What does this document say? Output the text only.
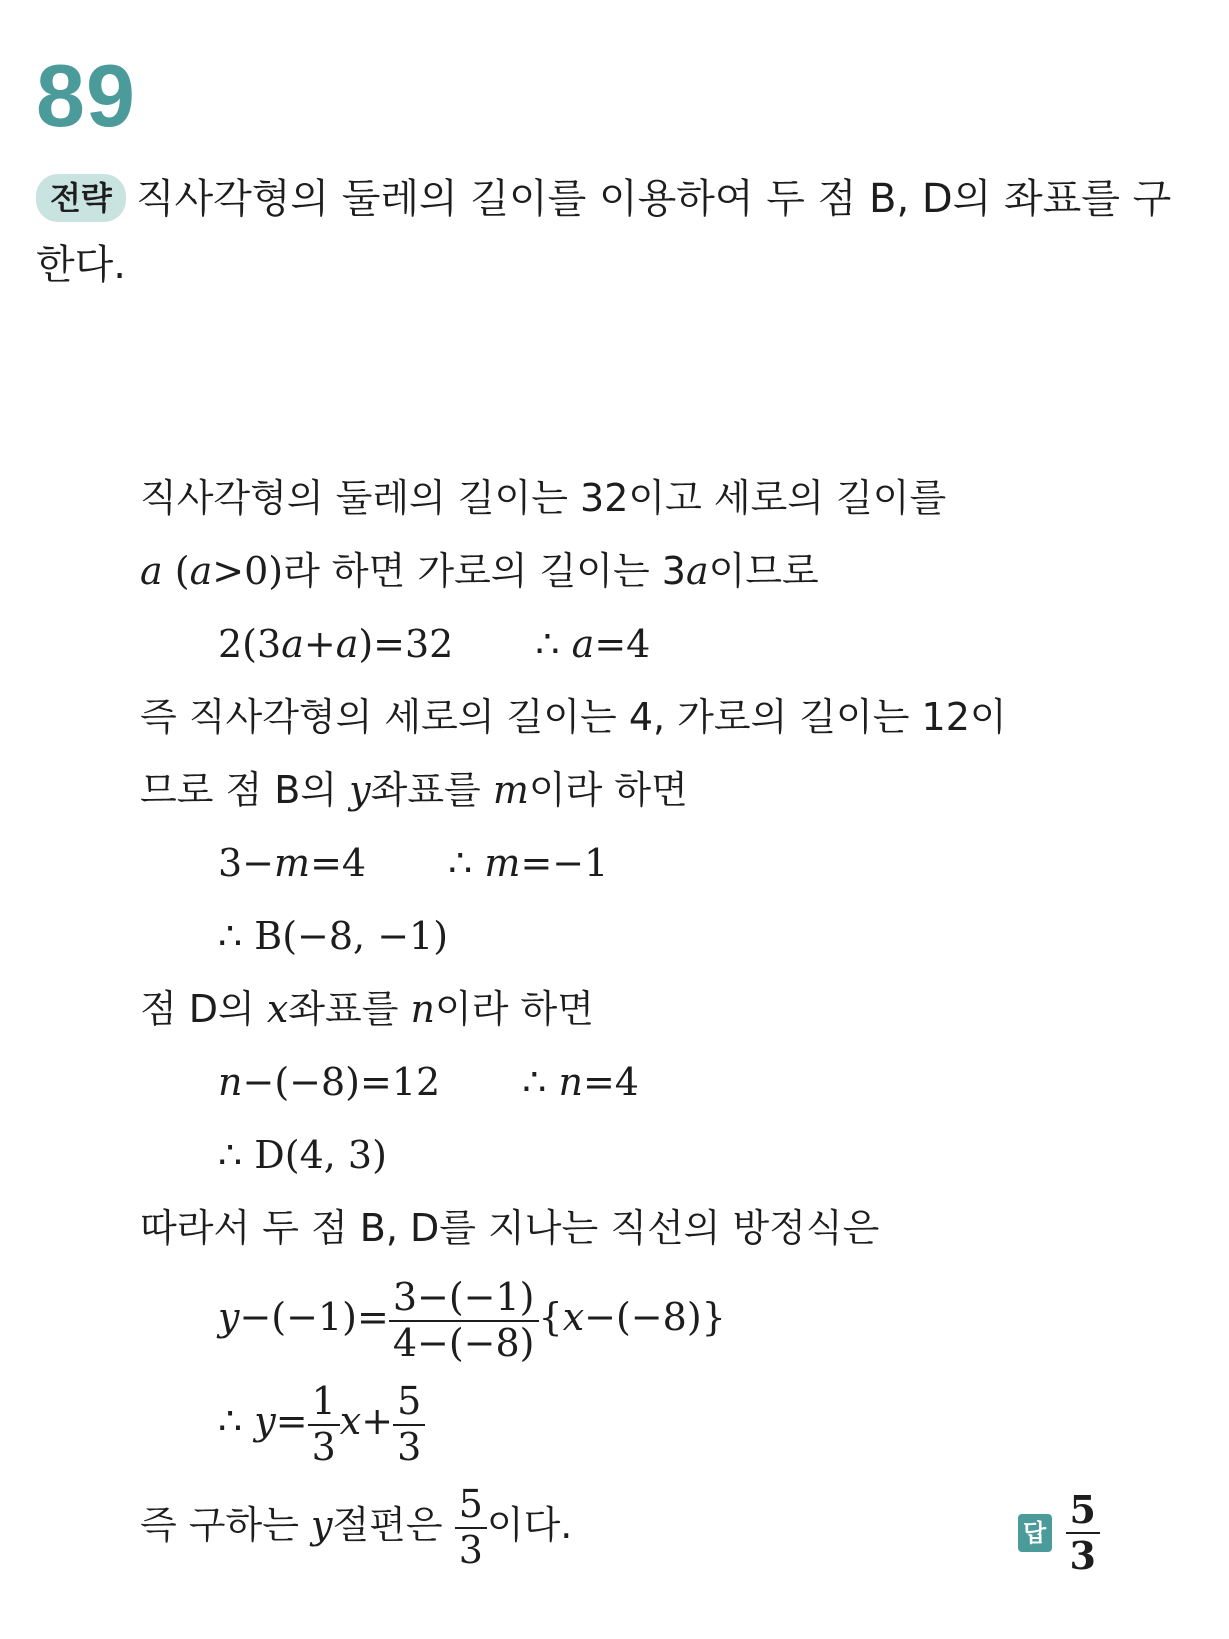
89
전략 직사각형의 둘레의 길이를 이용하여 두 점 B, D의 좌표를 구한다.
직사각형의 둘레의 길이는 32이고 세로의 길이를
a (a>0)라 하면 가로의 길이는 3a이므로
2(3a+a)=32 ∴ a=4
즉 직사각형의 세로의 길이는 4, 가로의 길이는 12이
므로 점 B의 y좌표를 m이라 하면
3−m=4 ∴ m=−1
∴ B(−8, −1)
점 D의 x좌표를 n이라 하면
n−(−8)=12 ∴ n=4
∴ D(4, 3)
따라서 두 점 B, D를 지나는 직선의 방정식은
$y-(-1)= \frac{3-(-1)}{4-(-8)} \{x-(-8)\}$
∴ $y= \frac{1}{3} x+ \frac{5}{3}$
즉 구하는 y절편은 $\frac{5}{3}$ 이다.	답 $\frac{5}{3}$
